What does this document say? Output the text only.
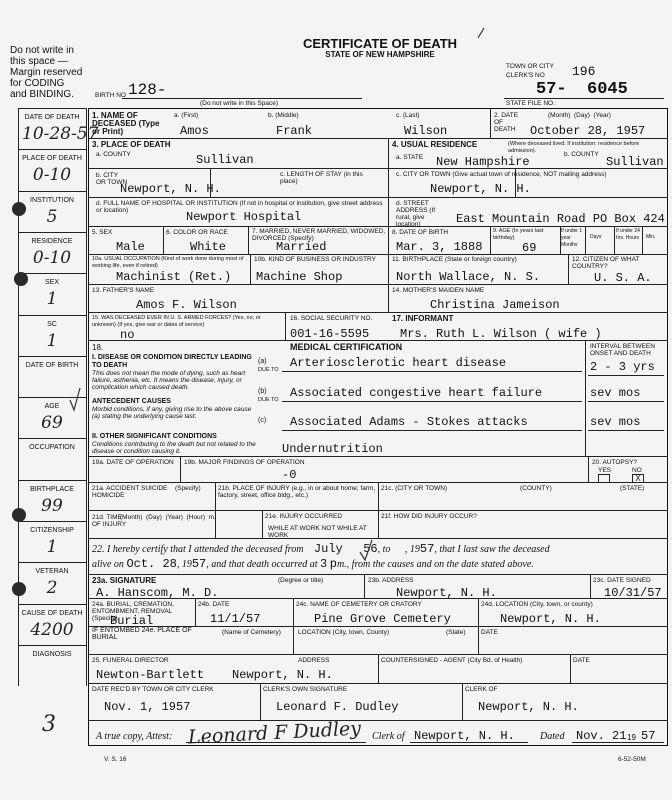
Do not write in
this space —
Margin reserved
for CODING
and BINDING.
DATE OF DEATH
10-28-57
PLACE OF DEATH
0-10
INSTITUTION
5
RESIDENCE
0-10
SEX
1
SC
1
DATE OF BIRTH
AGE
69
OCCUPATION
BIRTHPLACE
99
CITIZENSHIP
1
VETERAN
2
CAUSE OF DEATH
4200
DIAGNOSIS
3
CERTIFICATE OF DEATH
STATE OF NEW HAMPSHIRE
TOWN OR CITY
CLERK'S NO 196
BIRTH NO 128-
(Do not write in this Space)
57-  6045
STATE FILE NO.
1. NAME OF DECEASED (Type or Print)
a. (First)
Amos
b. (Middle)
Frank
c. (Last)
Wilson
2. DATE OF DEATH
(Month)  (Day)  (Year)
October 28, 1957
3. PLACE OF DEATH
a. COUNTY	Sullivan
4. USUAL RESIDENCE	(Where deceased lived. If institution: residence before admission).
a. STATE New Hampshire
b. COUNTY
Sullivan
b. CITY OR TOWN
Newport, N. H.
c. LENGTH OF STAY (in this place)
c. CITY OR TOWN (Give actual town of residence, NOT mailing address)
Newport, N. H.
d. FULL NAME OF HOSPITAL OR INSTITUTION (If not in hospital or institution, give street address or location)	Newport Hospital
d. STREET ADDRESS (If rural, give location)	East Mountain Road PO Box 424
5. SEX
Male
6. COLOR OR RACE
White
7. MARRIED, NEVER MARRIED, WIDOWED, DIVORCED (Specify)
Married
8. DATE OF BIRTH
Mar. 3, 1888
9. AGE (In years last birthday)
69
If under 1 year Months
Days
If under 24 hrs. Hours	Min.
10a. USUAL OCCUPATION (Kind of work done during most of working life, even if retired)
Machinist (Ret.)
10b. KIND OF BUSINESS OR INDUSTRY
Machine Shop
11. BIRTHPLACE (State or foreign country)
North Wallace, N. S.
12. CITIZEN OF WHAT COUNTRY?
U. S. A.
13. FATHER'S NAME
Amos F. Wilson
14. MOTHER'S MAIDEN NAME
Christina Jameison
15. WAS DECEASED EVER IN U. S. ARMED FORCES? (Yes, no, or unknown) (If yes, give war or dates of service)
no
16. SOCIAL SECURITY NO.
001-16-5595
17. INFORMANT
Mrs. Ruth L. Wilson ( wife )
18.	MEDICAL CERTIFICATION	INTERVAL BETWEEN ONSET AND DEATH
I. DISEASE OR CONDITION DIRECTLY LEADING TO DEATH
This does not mean the mode of dying, such as heart failure, asthenia, etc. It means the disease, injury, or complication which caused death.
ANTECEDENT CAUSES
Morbid conditions, if any, giving rise to the above cause (a) stating the underlying cause last.
(a)
DUE TO Arteriosclerotic heart disease	2 - 3 yrs
(b)
DUE TO Associated congestive heart failure	sev mos
(c) Associated Adams - Stokes attacks	sev mos
II. OTHER SIGNIFICANT CONDITIONS
Conditions contributing to the death but not related to the disease or condition causing it.	Undernutrition
19a. DATE OF OPERATION	19b. MAJOR FINDINGS OF OPERATION
-0
20. AUTOPSY?
YES	NO
X
21a. ACCIDENT SUICIDE HOMICIDE
(Specify)	21b. PLACE OF INJURY (e.g., in or about home, farm, factory, street, office bldg., etc.)
21c. (CITY OR TOWN)	(COUNTY)	(STATE)
21d. TIME OF INJURY
(Month)  (Day)  (Year)  (Hour)  m.	21e. INJURY OCCURRED
WHILE AT WORK NOT WHILE AT WORK
21f. HOW DID INJURY OCCUR?
22. I hereby certify that I attended the deceased from July 56, to , 1957, that I last saw the deceased
alive on Oct. 28, 1957, and that death occurred at 3 pm., from the causes and on the date stated above.
23a. SIGNATURE	(Degree or title)
A. Hanscom, M. D.
23b. ADDRESS
Newport, N. H.
23c. DATE SIGNED
10/31/57
24a. BURIAL, CREMATION, ENTOMBMENT, REMOVAL (Specify)
Burial
24b. DATE
11/1/57
24c. NAME OF CEMETERY OR CRATORY
Pine Grove Cemetery
24d. LOCATION (City, town, or county)
Newport, N. H.
IF ENTOMBED 24e. PLACE OF BURIAL
(Name of Cemetery)	LOCATION (City, town, County)	(State) DATE
25. FUNERAL DIRECTOR
Newton-Bartlett
ADDRESS
Newport, N. H.
COUNTERSIGNED - AGENT (City Bd. of Health)	DATE
DATE REC'D BY TOWN OR CITY CLERK
Nov. 1, 1957
CLERK'S OWN SIGNATURE
Leonard F. Dudley
CLERK OF
Newport, N. H.
A true copy, Attest: Leonard F Dudley Clerk of Newport, N. H.	Dated Nov. 21 19 57
V. S. 16	6-52-50M
